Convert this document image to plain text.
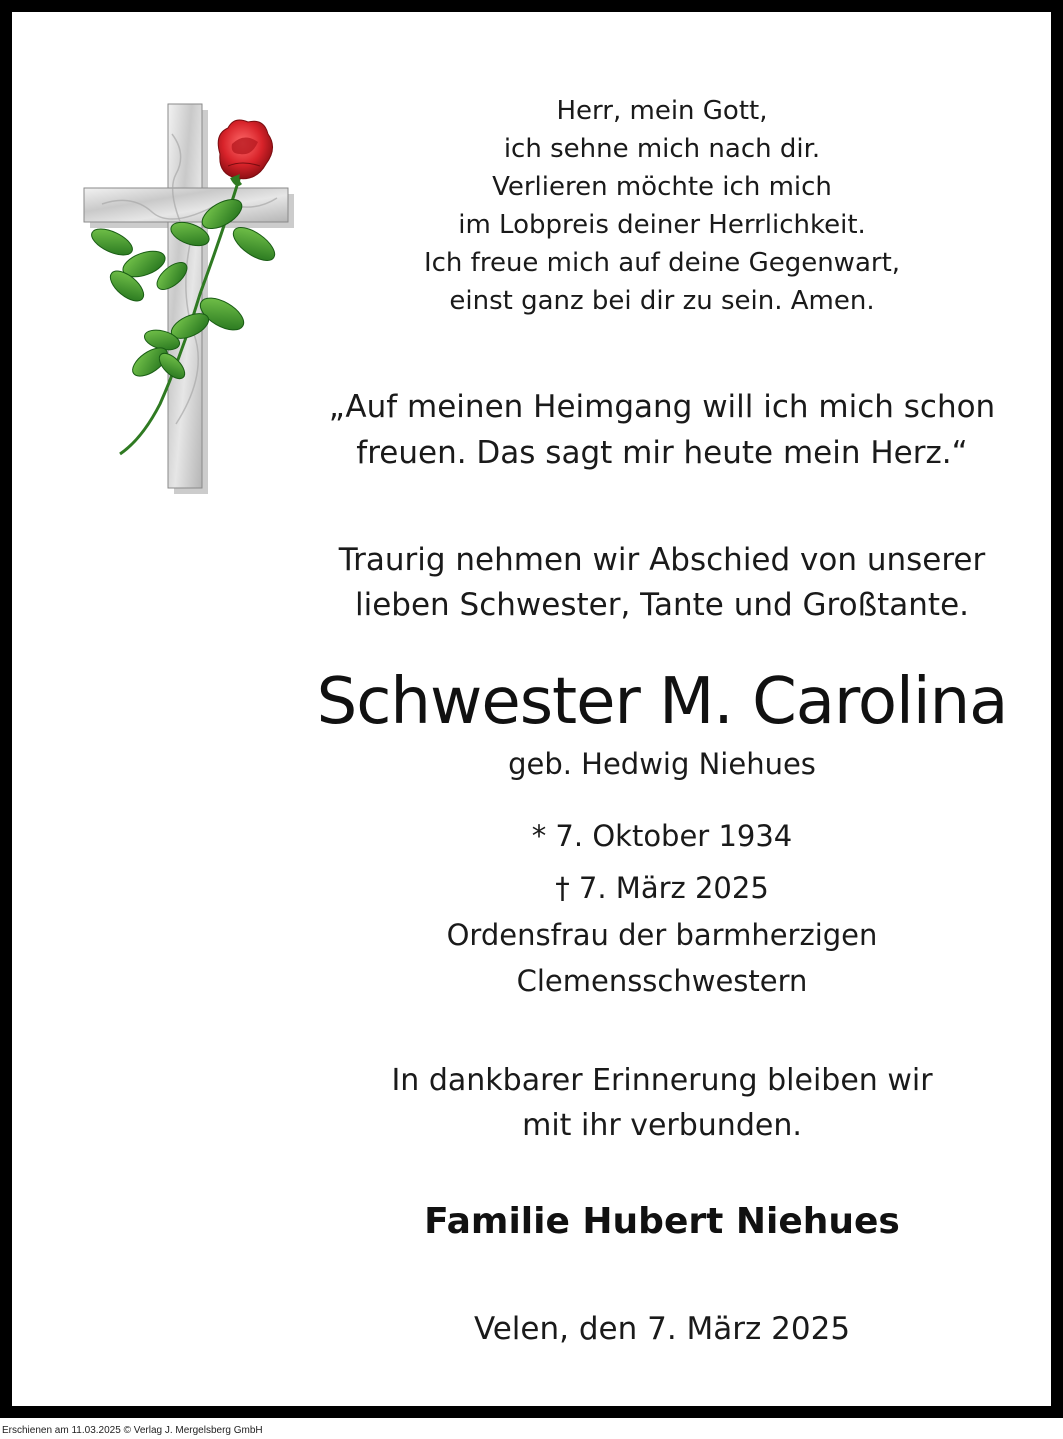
Herr, mein Gott,
ich sehne mich nach dir.
Verlieren möchte ich mich
im Lobpreis deiner Herrlichkeit.
Ich freue mich auf deine Gegenwart,
einst ganz bei dir zu sein. Amen.
„Auf meinen Heimgang will ich mich schon
freuen. Das sagt mir heute mein Herz.“
Traurig nehmen wir Abschied von unserer
lieben Schwester, Tante und Großtante.
Schwester M. Carolina
geb. Hedwig Niehues
* 7. Oktober 1934
† 7. März 2025
Ordensfrau der barmherzigen
Clemensschwestern
In dankbarer Erinnerung bleiben wir
mit ihr verbunden.
Familie Hubert Niehues
Velen, den 7. März 2025
Erschienen am 11.03.2025 © Verlag J. Mergelsberg GmbH
